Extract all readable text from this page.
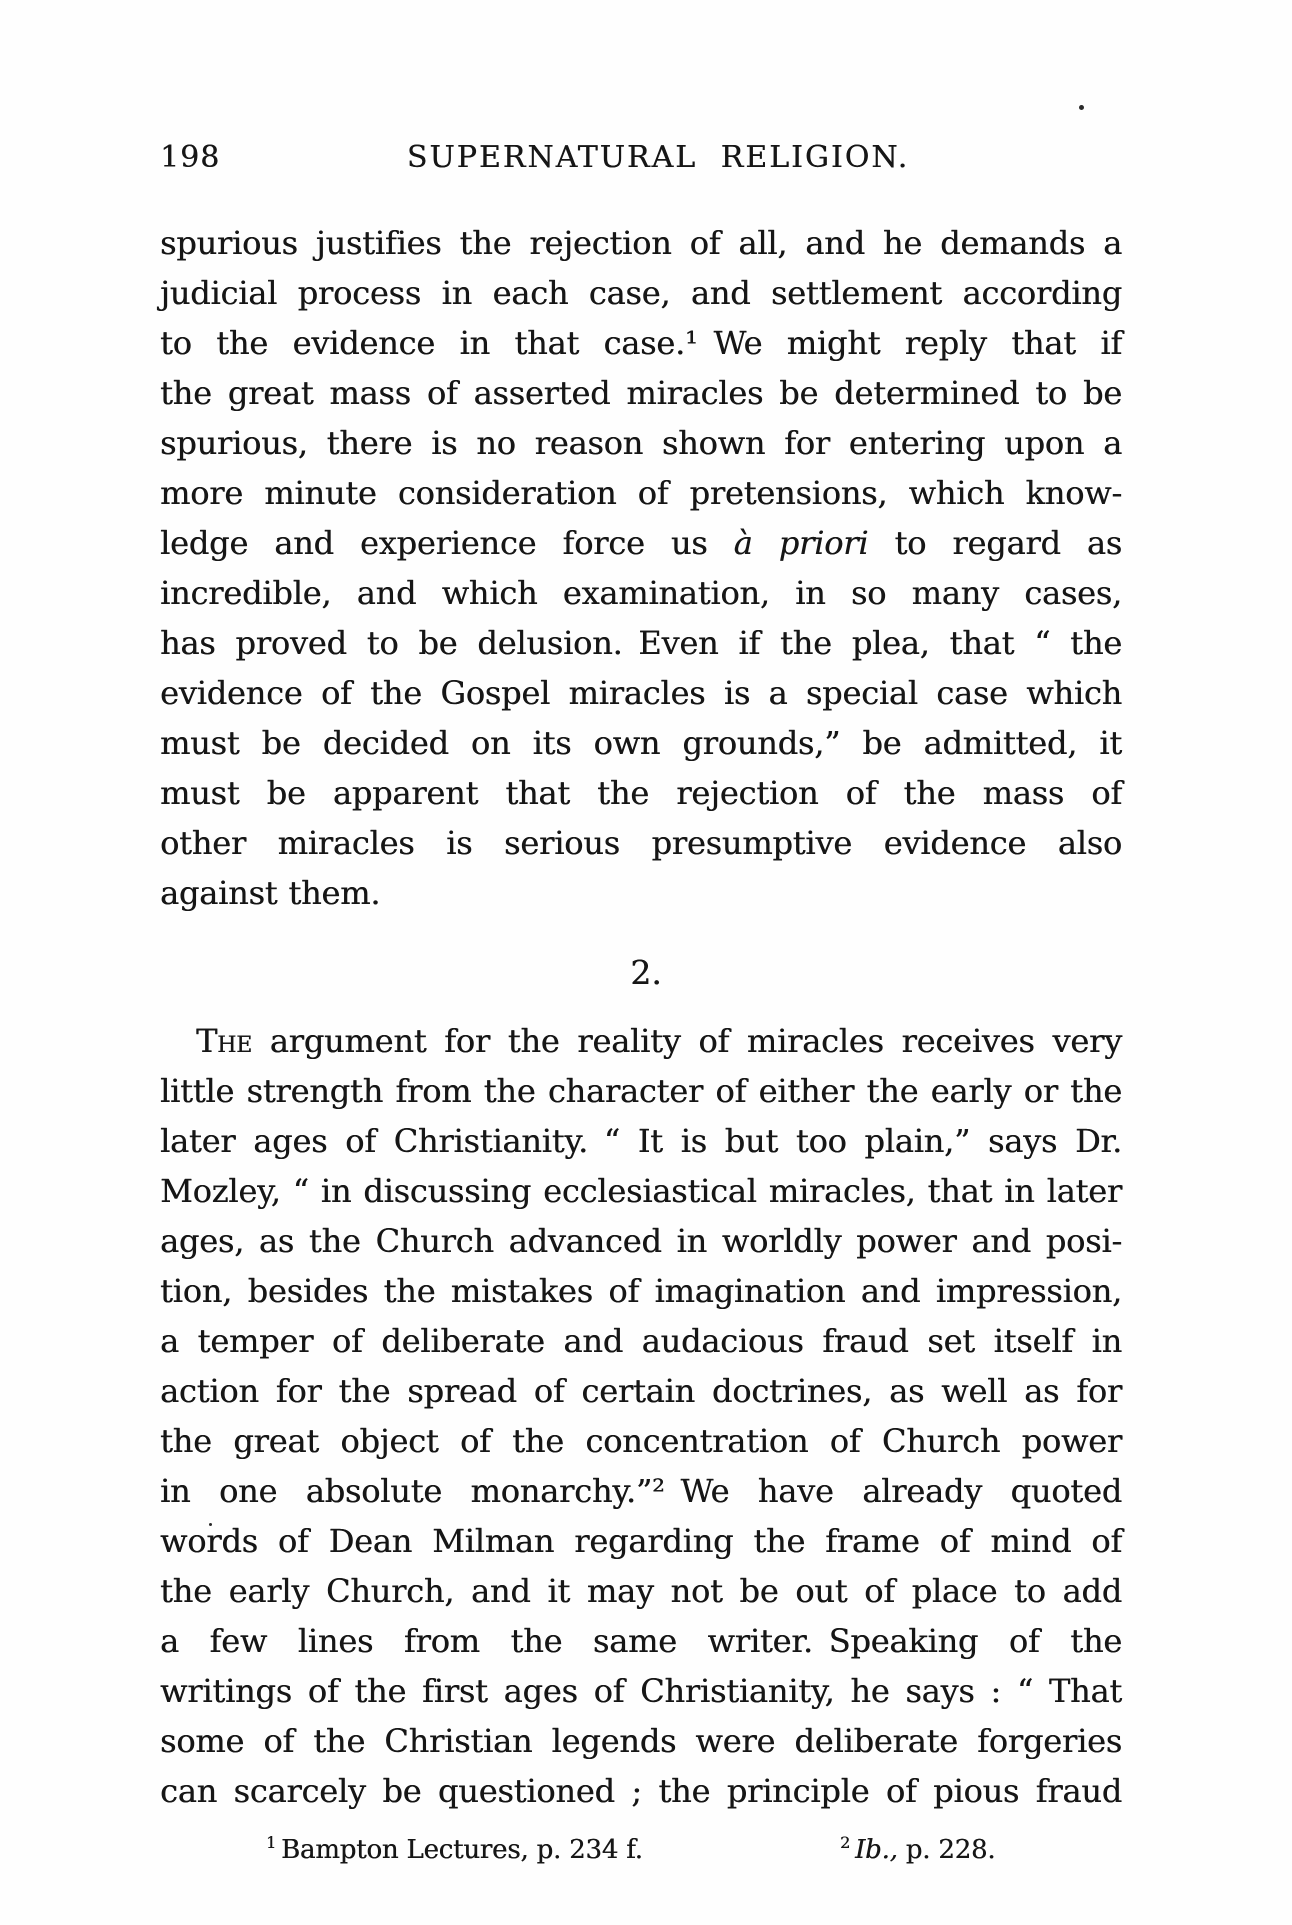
198	SUPERNATURAL RELIGION.
spurious justifies the rejection of all, and he demands a
judicial process in each case, and settlement according
to the evidence in that case.¹ We might reply that if
the great mass of asserted miracles be determined to be
spurious, there is no reason shown for entering upon a
more minute consideration of pretensions, which know-
ledge and experience force us à priori to regard as
incredible, and which examination, in so many cases,
has proved to be delusion. Even if the plea, that “ the
evidence of the Gospel miracles is a special case which
must be decided on its own grounds,” be admitted, it
must be apparent that the rejection of the mass of
other miracles is serious presumptive evidence also
against them.
2.
The argument for the reality of miracles receives very
little strength from the character of either the early or the
later ages of Christianity. “ It is but too plain,” says Dr.
Mozley, “ in discussing ecclesiastical miracles, that in later
ages, as the Church advanced in worldly power and posi-
tion, besides the mistakes of imagination and impression,
a temper of deliberate and audacious fraud set itself in
action for the spread of certain doctrines, as well as for
the great object of the concentration of Church power
in one absolute monarchy.”² We have already quoted
words of Dean Milman regarding the frame of mind of
the early Church, and it may not be out of place to add
a few lines from the same writer. Speaking of the
writings of the first ages of Christianity, he says : “ That
some of the Christian legends were deliberate forgeries
can scarcely be questioned ; the principle of pious fraud
$^1$ Bampton Lectures, p. 234 f.	$^2$ Ib., p. 228.
